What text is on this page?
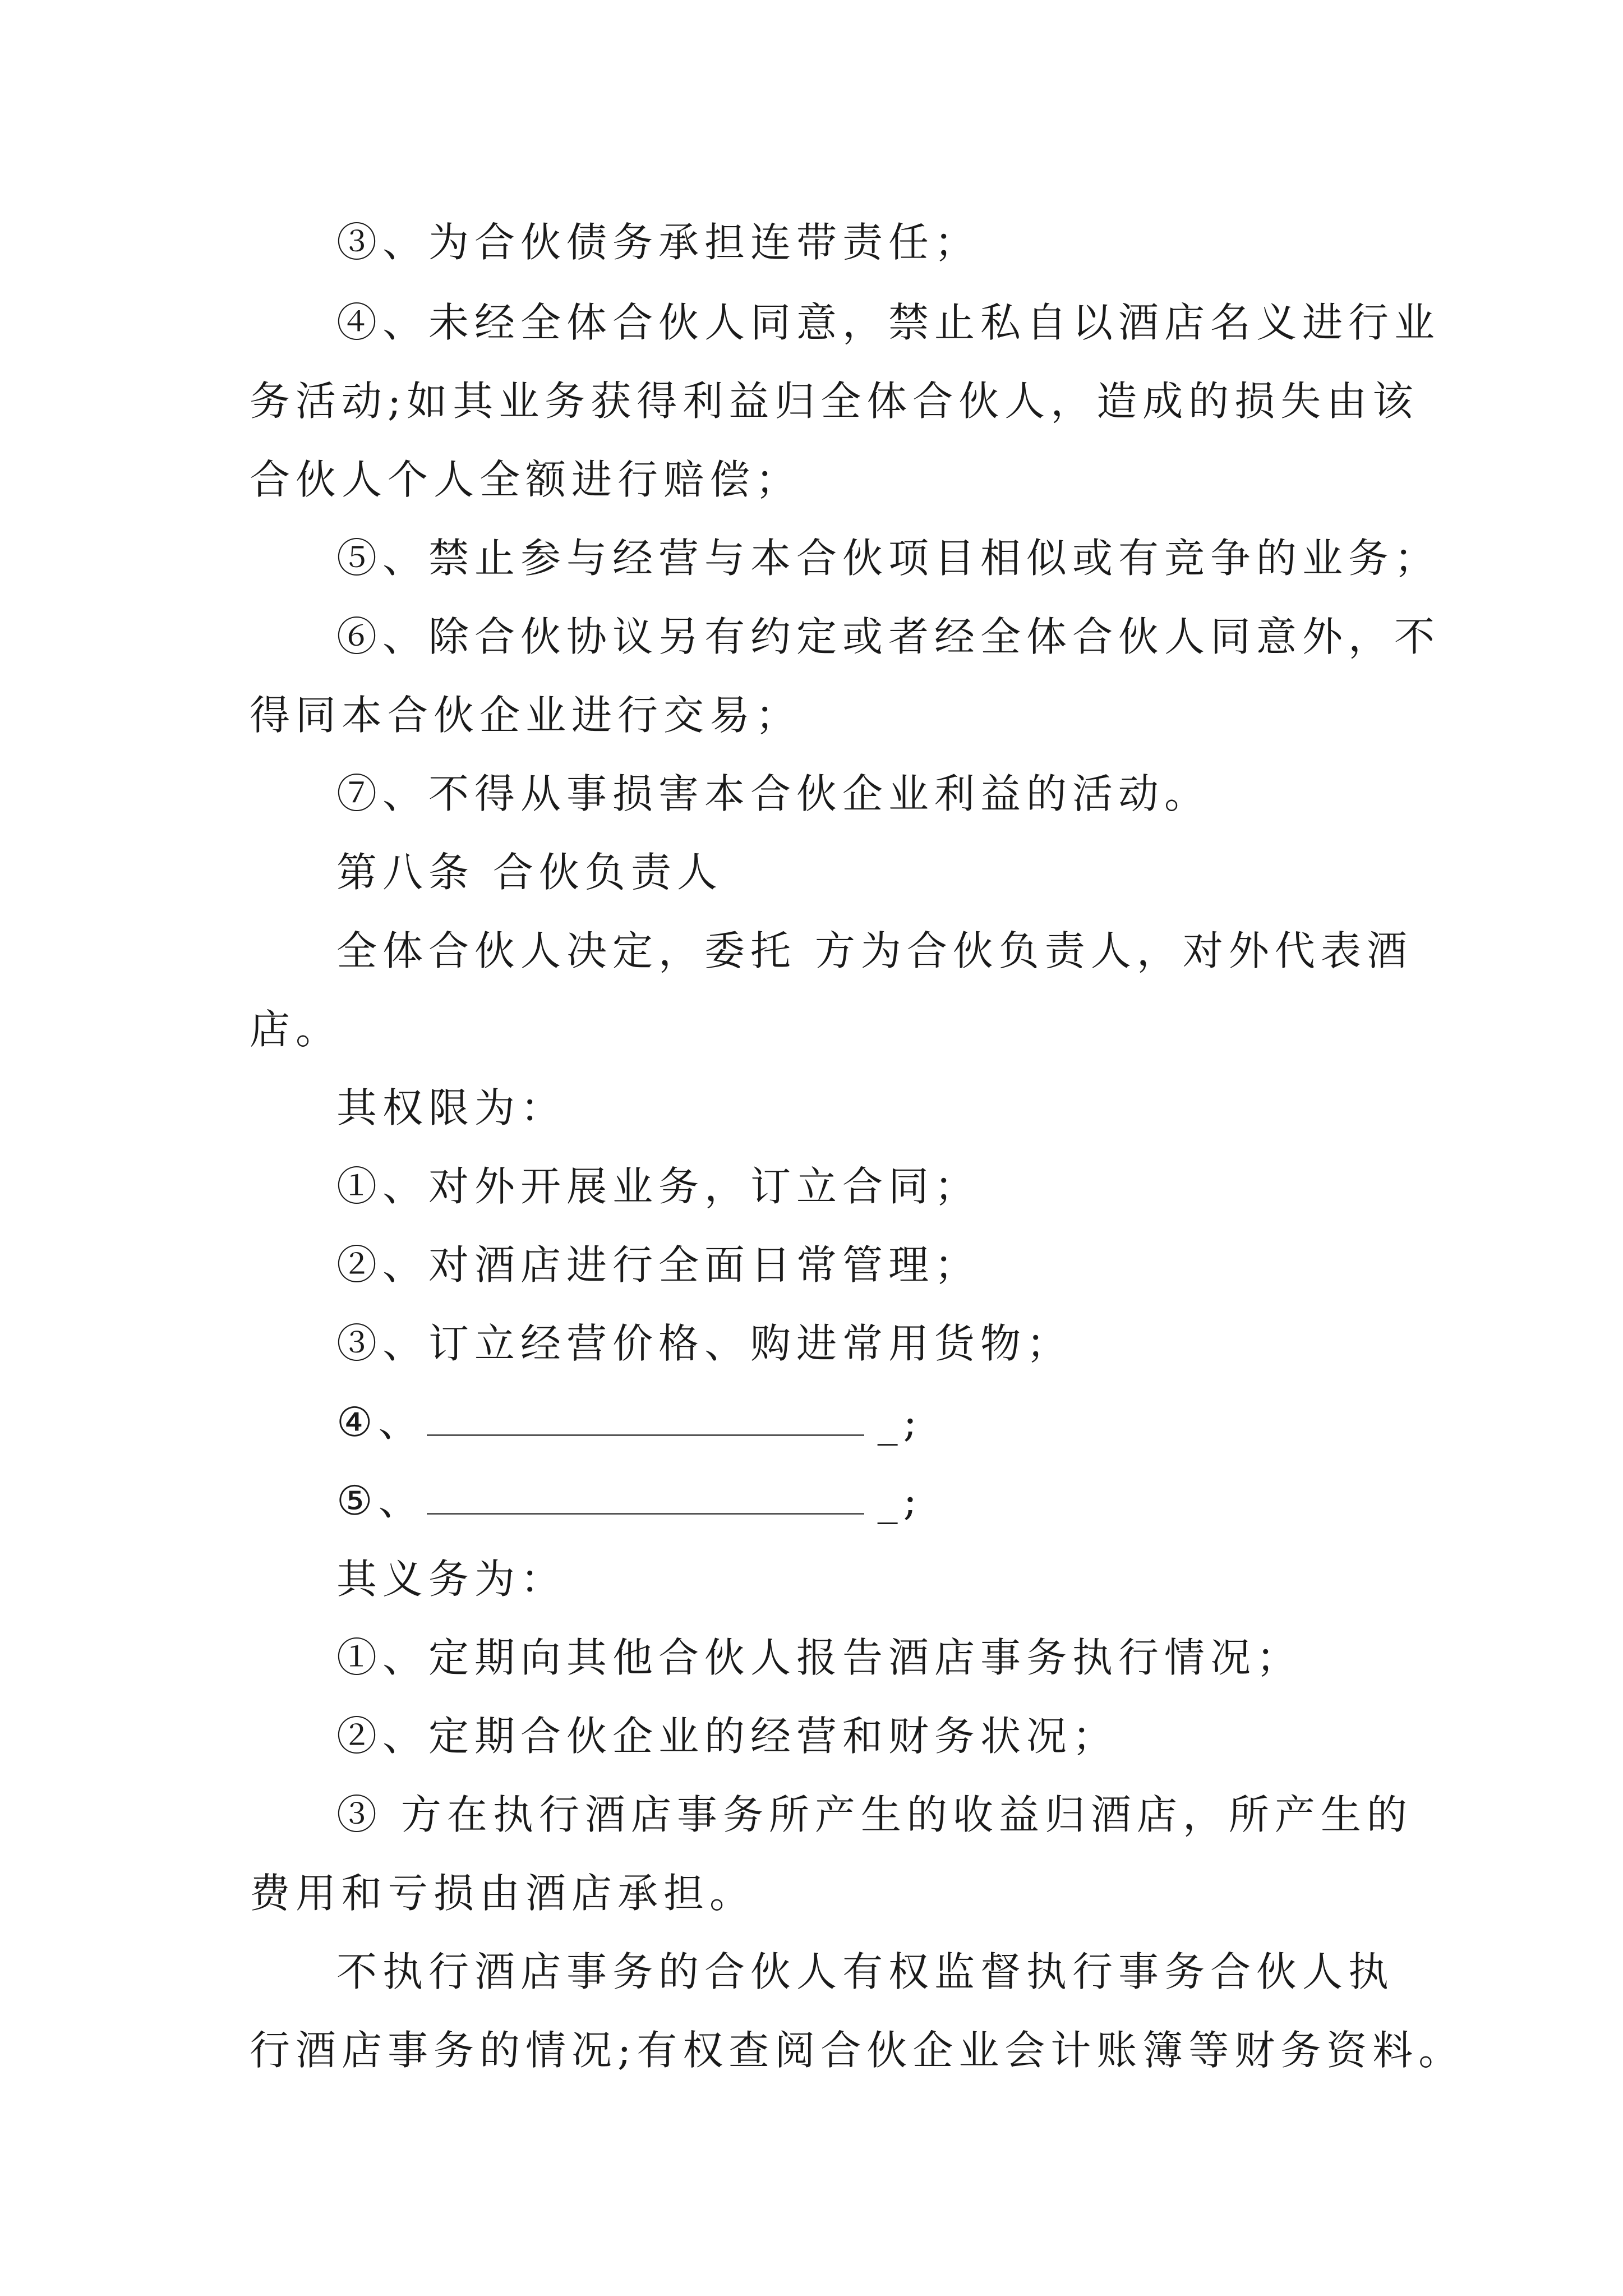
③、为合伙债务承担连带责任；
④、未经全体合伙人同意，禁止私自以酒店名义进行业
务活动;如其业务获得利益归全体合伙人，造成的损失由该
合伙人个人全额进行赔偿；
⑤、禁止参与经营与本合伙项目相似或有竞争的业务；
⑥、除合伙协议另有约定或者经全体合伙人同意外，不
得同本合伙企业进行交易；
⑦、不得从事损害本合伙企业利益的活动。
第八条 合伙负责人
全体合伙人决定，委托 方为合伙负责人，对外代表酒
店。
其权限为：
①、对外开展业务，订立合同；
②、对酒店进行全面日常管理；
③、订立经营价格、购进常用货物；
④、	_;
⑤、	_;
其义务为：
①、定期向其他合伙人报告酒店事务执行情况；
②、定期合伙企业的经营和财务状况；
③ 方在执行酒店事务所产生的收益归酒店，所产生的
费用和亏损由酒店承担。
不执行酒店事务的合伙人有权监督执行事务合伙人执
行酒店事务的情况;有权查阅合伙企业会计账簿等财务资料。
